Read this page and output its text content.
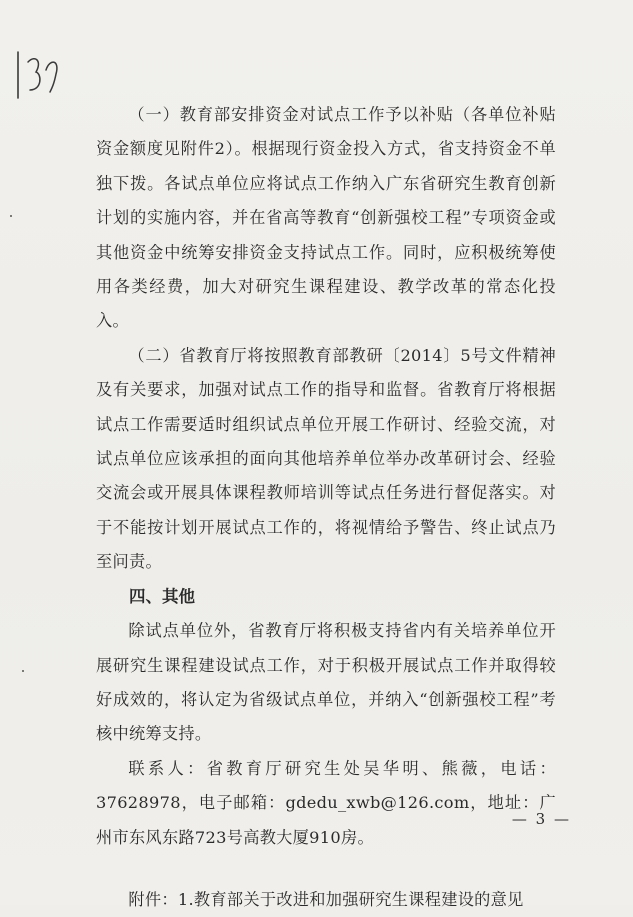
（一）教育部安排资金对试点工作予以补贴（各单位补贴资金额度见附件2）。根据现行资金投入方式，省支持资金不单独下拨。各试点单位应将试点工作纳入广东省研究生教育创新计划的实施内容，并在省高等教育“创新强校工程”专项资金或其他资金中统筹安排资金支持试点工作。同时，应积极统筹使用各类经费，加大对研究生课程建设、教学改革的常态化投入。

（二）省教育厅将按照教育部教研〔2014〕5号文件精神及有关要求，加强对试点工作的指导和监督。省教育厅将根据试点工作需要适时组织试点单位开展工作研讨、经验交流，对试点单位应该承担的面向其他培养单位举办改革研讨会、经验交流会或开展具体课程教师培训等试点任务进行督促落实。对于不能按计划开展试点工作的，将视情给予警告、终止试点乃至问责。

四、其他

除试点单位外，省教育厅将积极支持省内有关培养单位开展研究生课程建设试点工作，对于积极开展试点工作并取得较好成效的，将认定为省级试点单位，并纳入“创新强校工程”考核中统筹支持。

联系人：省教育厅研究生处吴华明、熊薇，电话：37628978，电子邮箱：gdedu_xwb@126.com，地址：广州市东风东路723号高教大厦910房。

附件：1.教育部关于改进和加强研究生课程建设的意见

— 3 —
